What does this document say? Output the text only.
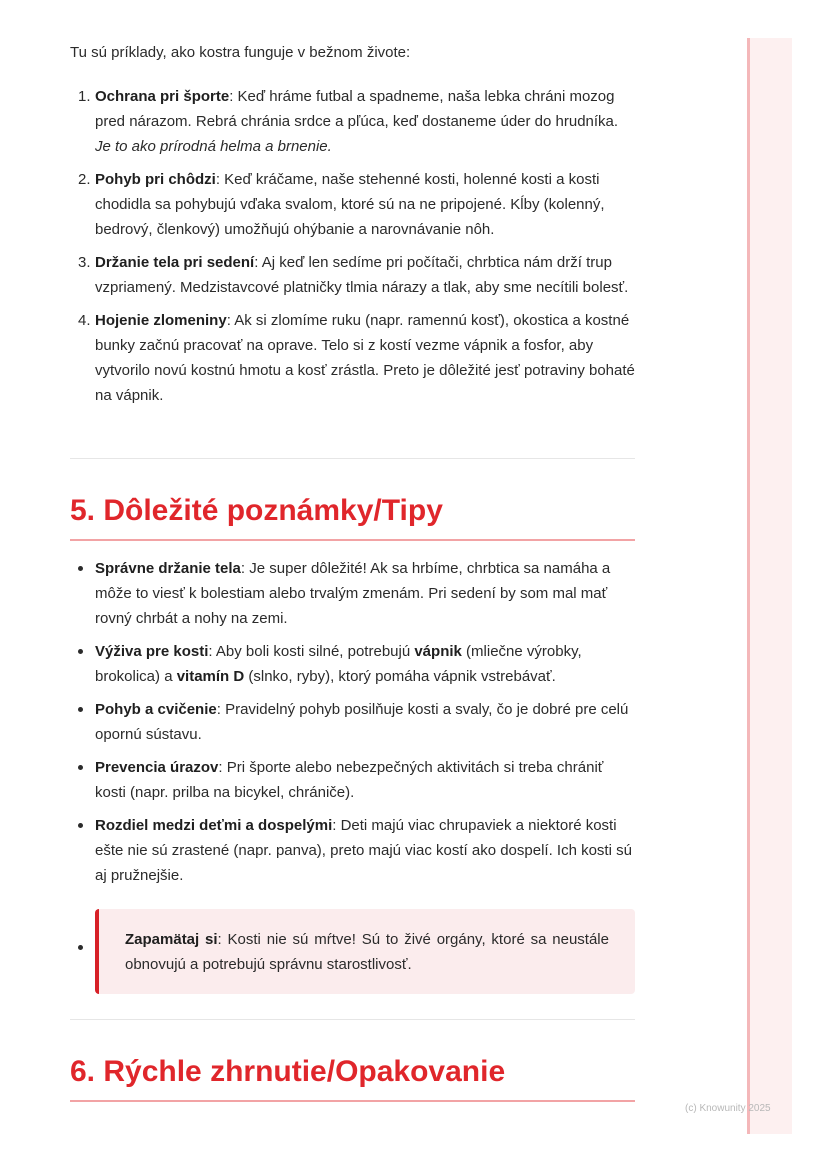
Tu sú príklady, ako kostra funguje v bežnom živote:

1. Ochrana pri športe: Keď hráme futbal a spadneme, naša lebka chráni mozog pred nárazom. Rebrá chránia srdce a pľúca, keď dostaneme úder do hrudníka. Je to ako prírodná helma a brnenie.
2. Pohyb pri chôdzi: Keď kráčame, naše stehenné kosti, holenné kosti a kosti chodidla sa pohybujú vďaka svalom, ktoré sú na ne pripojené. Kĺby (kolenný, bedrový, členkový) umožňujú ohýbanie a narovnávanie nôh.
3. Držanie tela pri sedení: Aj keď len sedíme pri počítači, chrbtica nám drží trup vzpriamený. Medzistavcové platničky tlmia nárazy a tlak, aby sme necítili bolesť.
4. Hojenie zlomeniny: Ak si zlomíme ruku (napr. ramennú kosť), okostica a kostné bunky začnú pracovať na oprave. Telo si z kostí vezme vápnik a fosfor, aby vytvorilo novú kostnú hmotu a kosť zrástla. Preto je dôležité jesť potraviny bohaté na vápnik.
5. Dôležité poznámky/Tipy
Správne držanie tela: Je super dôležité! Ak sa hrbíme, chrbtica sa namáha a môže to viesť k bolestiam alebo trvalým zmenám. Pri sedení by som mal mať rovný chrbát a nohy na zemi.
Výživa pre kosti: Aby boli kosti silné, potrebujú vápnik (mliečne výrobky, brokolica) a vitamín D (slnko, ryby), ktorý pomáha vápnik vstrebávať.
Pohyb a cvičenie: Pravidelný pohyb posilňuje kosti a svaly, čo je dobré pre celú opornú sústavu.
Prevencia úrazov: Pri športe alebo nebezpečných aktivitách si treba chrániť kosti (napr. prilba na bicykel, chrániče).
Rozdiel medzi deťmi a dospelými: Deti majú viac chrupaviek a niektoré kosti ešte nie sú zrastené (napr. panva), preto majú viac kostí ako dospelí. Ich kosti sú aj pružnejšie.
Zapamätaj si: Kosti nie sú mŕtve! Sú to živé orgány, ktoré sa neustále obnovujú a potrebujú správnu starostlivosť.
6. Rýchle zhrnutie/Opakovanie
(c) Knowunity 2025
